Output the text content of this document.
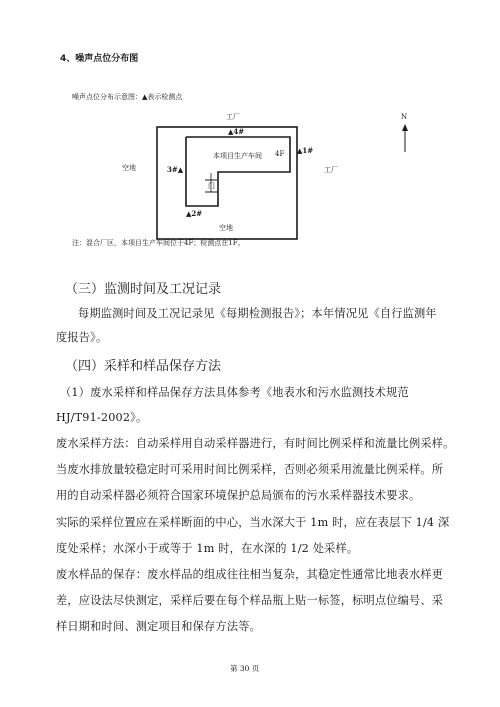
4、噪声点位分布图
噪声点位分布示意图：▲表示检测点
工厂
▲4#
本项目生产车间 4F ▲1#
空地	3#▲	工厂
门
N
▲2#
空地
注：混合厂区，本项目生产车间位于4F；检测点在1F。
（三）监测时间及工况记录
每期监测时间及工况记录见《每期检测报告》；本年情况见《自行监测年
度报告》。
（四）采样和样品保存方法
（1）废水采样和样品保存方法具体参考《地表水和污水监测技术规范
HJ/T91-2002》。
废水采样方法：自动采样用自动采样器进行，有时间比例采样和流量比例采样。
当废水排放量较稳定时可采用时间比例采样，否则必须采用流量比例采样。所
用的自动采样器必须符合国家环境保护总局颁布的污水采样器技术要求。
实际的采样位置应在采样断面的中心，当水深大于 1m 时，应在表层下 1/4 深
度处采样；水深小于或等于 1m 时，在水深的 1/2 处采样。
废水样品的保存：废水样品的组成往往相当复杂，其稳定性通常比地表水样更
差，应设法尽快测定，采样后要在每个样品瓶上贴一标签，标明点位编号、采
样日期和时间、测定项目和保存方法等。
第 30 页
